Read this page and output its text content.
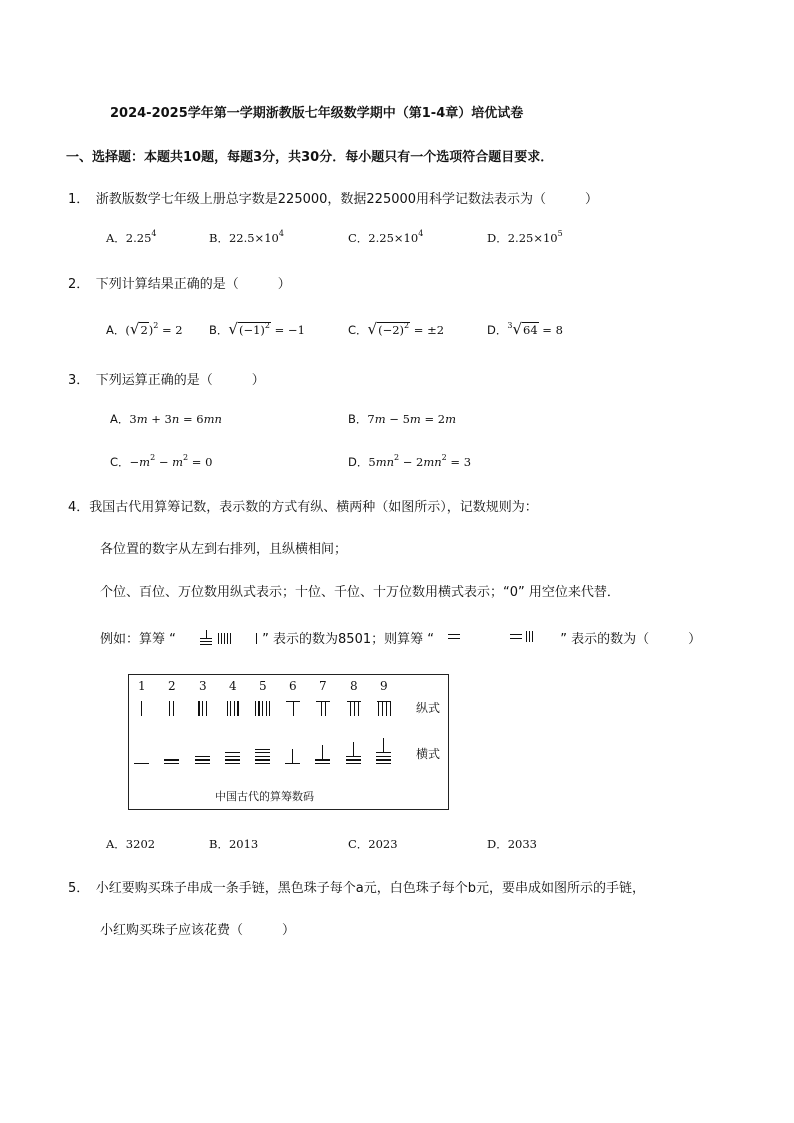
2024-2025学年第一学期浙教版七年级数学期中（第1-4章）培优试卷
一、选择题：本题共10题，每题3分，共30分．每小题只有一个选项符合题目要求．
1．　浙教版数学七年级上册总字数是225000，数据225000用科学记数法表示为（　　　）
A．2.25$^4$	B．$22.5\times 10^4$	C．$2.25\times 10^4$	D．$2.25\times 10^5$
2．　下列计算结果正确的是（　　　）
A．$(√2)^2 = 2$ B．$√(-1)^2 = -1$	C．$√(-2)^2 = \pm 2$	D．$^3$√64 = 8
3．　下列运算正确的是（　　　）
A．3m + 3n = 6mn	B．7m − 5m = 2m
C．$-m^2 - m^2 = 0$	D．$5mn^2 - 2mn^2 = 3$
4．我国古代用算筹记数，表示数的方式有纵、横两种（如图所示），记数规则为：
各位置的数字从左到右排列，且纵横相间；
个位、百位、万位数用纵式表示；十位、千位、十万位数用横式表示；“0” 用空位来代替．
例如：算筹 “	” 表示的数为8501；则算筹 “	” 表示的数为（　　　）
纵式
横式
中国古代的算筹数码
1 2 3 4 5 6 7 8 9
A．3202	B．2013	C．2023	D．2033
5．　小红要购买珠子串成一条手链，黑色珠子每个a元，白色珠子每个b元，要串成如图所示的手链，
小红购买珠子应该花费（　　　）
